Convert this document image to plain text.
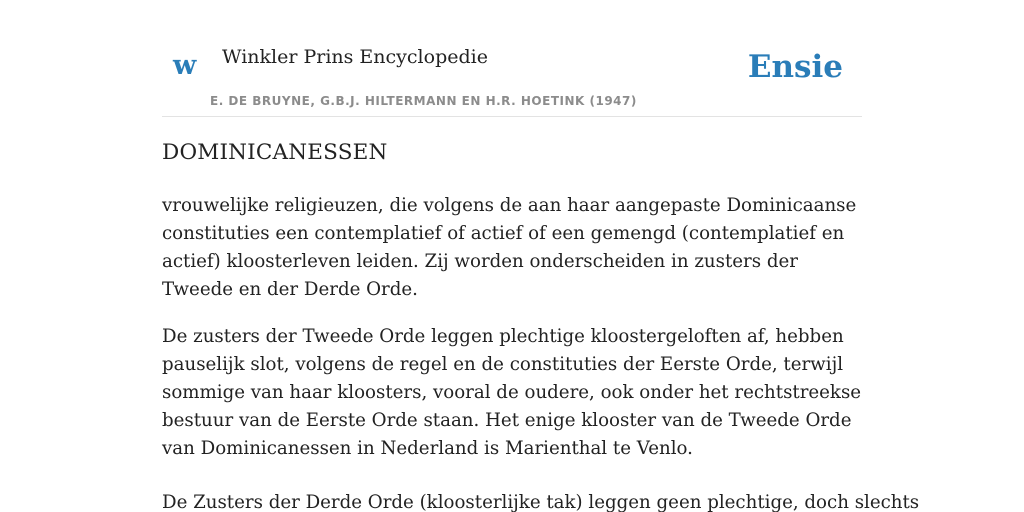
w Winkler Prins Encyclopedie
E. DE BRUYNE, G.B.J. HILTERMANN EN H.R. HOETINK (1947)
Ensie
DOMINICANESSEN

vrouwelijke religieuzen, die volgens de aan haar aangepaste Dominicaanse constituties een contemplatief of actief of een gemengd (contemplatief en actief) kloosterleven leiden. Zij worden onderscheiden in zusters der Tweede en der Derde Orde.

De zusters der Tweede Orde leggen plechtige kloostergeloften af, hebben pauselijk slot, volgens de regel en de constituties der Eerste Orde, terwijl sommige van haar kloosters, vooral de oudere, ook onder het rechtstreekse bestuur van de Eerste Orde staan. Het enige klooster van de Tweede Orde van Dominicanessen in Nederland is Marienthal te Venlo.

De Zusters der Derde Orde (kloosterlijke tak) leggen geen plechtige, doch slechts
